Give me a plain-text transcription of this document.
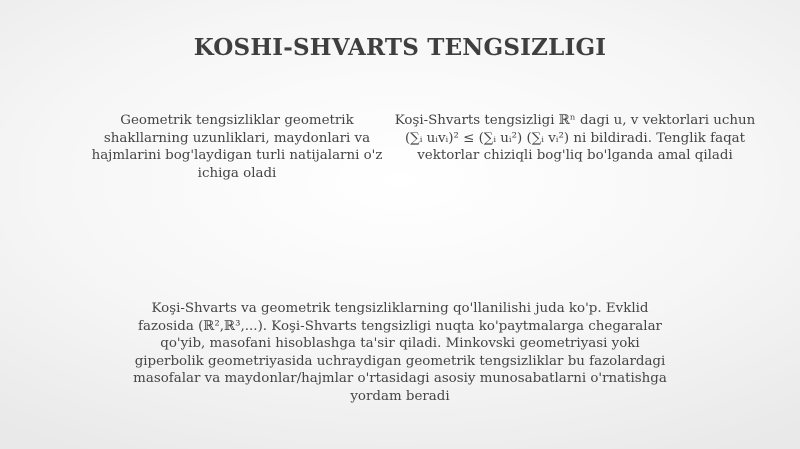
KOSHI-SHVARTS TENGSIZLIGI
Geometrik tengsizliklar geometrik shakllarning uzunliklari, maydonlari va hajmlarini bog'laydigan turli natijalarni o'z ichiga oladi
Koşi-Shvarts tengsizligi ℝⁿ dagi u, v vektorlari uchun (∑ᵢ uᵢvᵢ)² ≤ (∑ᵢ uᵢ²) (∑ᵢ vᵢ²) ni bildiradi. Tenglik faqat vektorlar chiziqli bog'liq bo'lganda amal qiladi
Koşi-Shvarts va geometrik tengsizliklarning qo'llanilishi juda ko'p. Evklid fazosida (ℝ²,ℝ³,...). Koşi-Shvarts tengsizligi nuqta ko'paytmalarga chegaralar qo'yib, masofani hisoblashga ta'sir qiladi. Minkovski geometriyasi yoki giperbolik geometriyasida uchraydigan geometrik tengsizliklar bu fazolardagi masofalar va maydonlar/hajmlar o'rtasidagi asosiy munosabatlarni o'rnatishga yordam beradi
